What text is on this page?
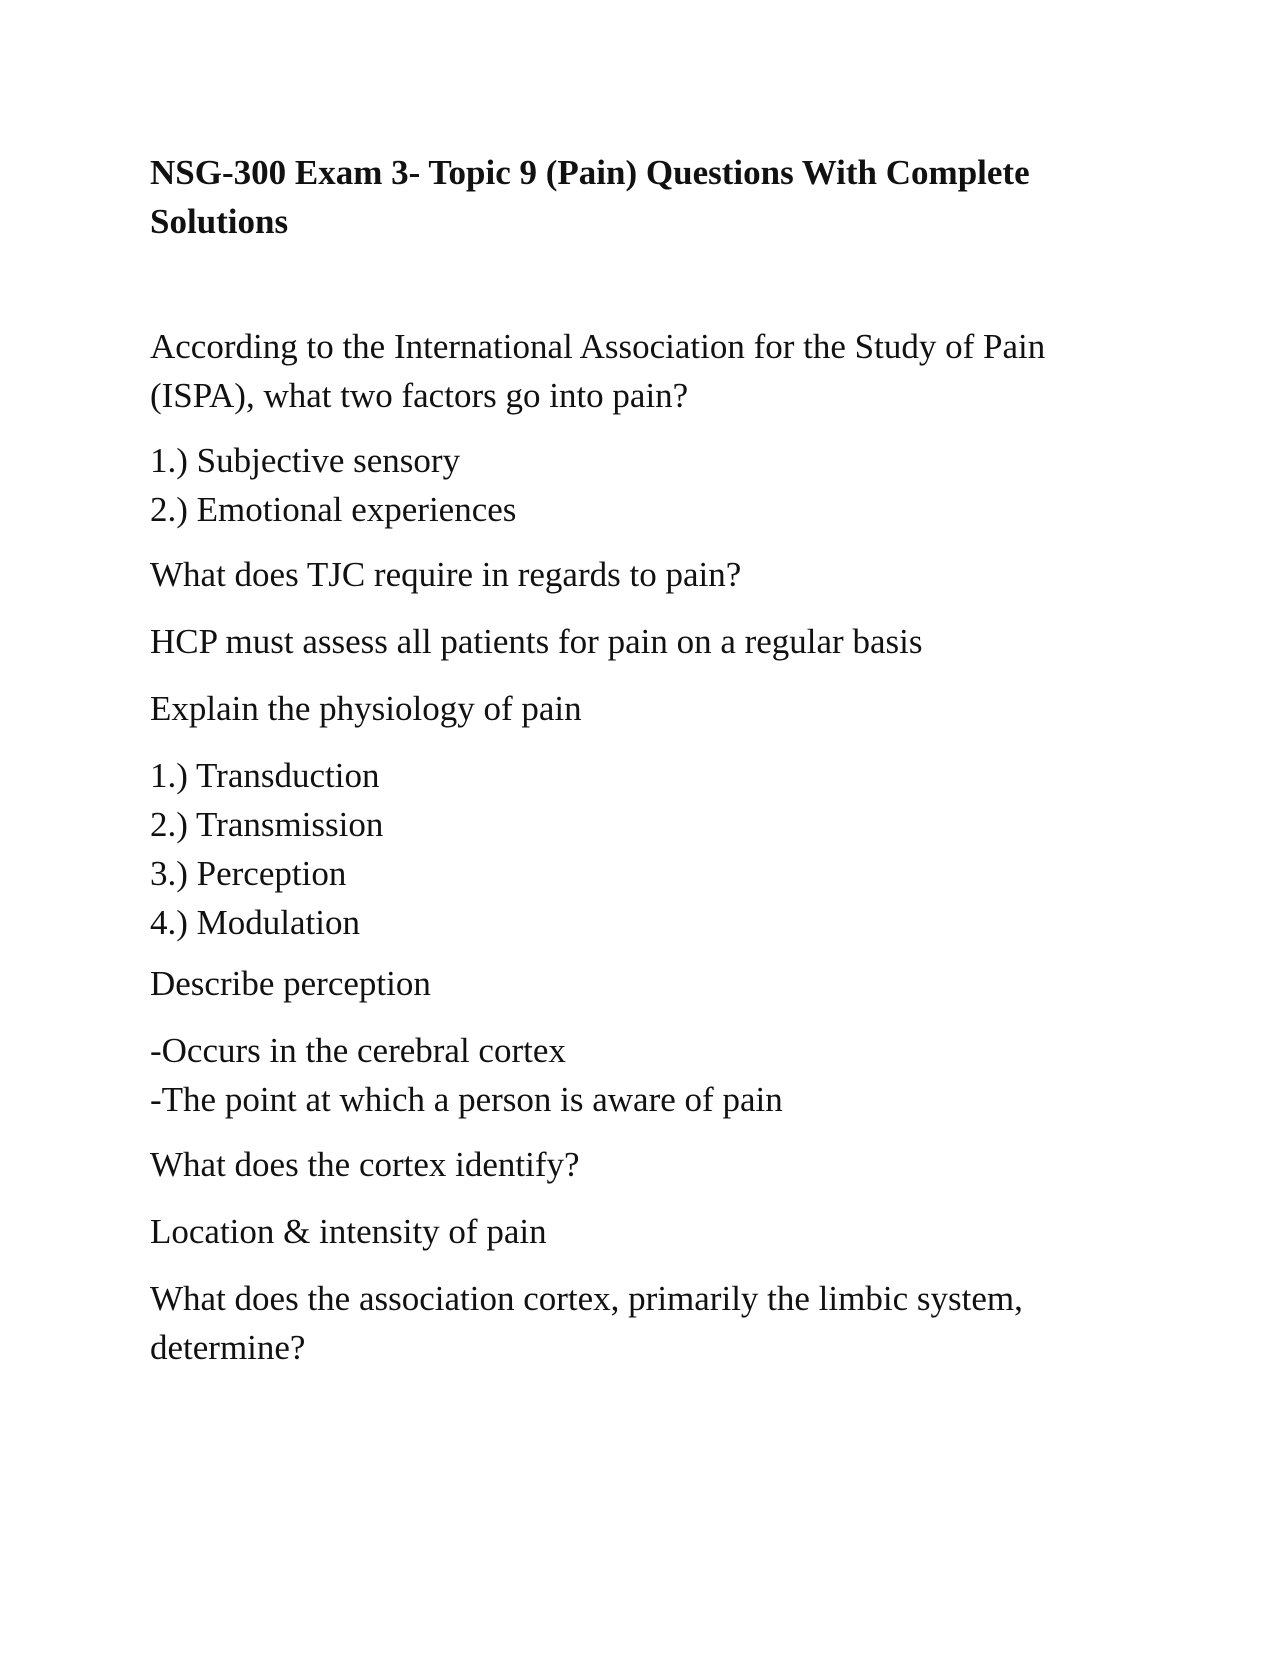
NSG-300 Exam 3- Topic 9 (Pain) Questions With Complete
Solutions

According to the International Association for the Study of Pain
(ISPA), what two factors go into pain?

1.) Subjective sensory
2.) Emotional experiences

What does TJC require in regards to pain?

HCP must assess all patients for pain on a regular basis

Explain the physiology of pain

1.) Transduction
2.) Transmission
3.) Perception
4.) Modulation

Describe perception

-Occurs in the cerebral cortex
-The point at which a person is aware of pain

What does the cortex identify?

Location & intensity of pain

What does the association cortex, primarily the limbic system,
determine?
